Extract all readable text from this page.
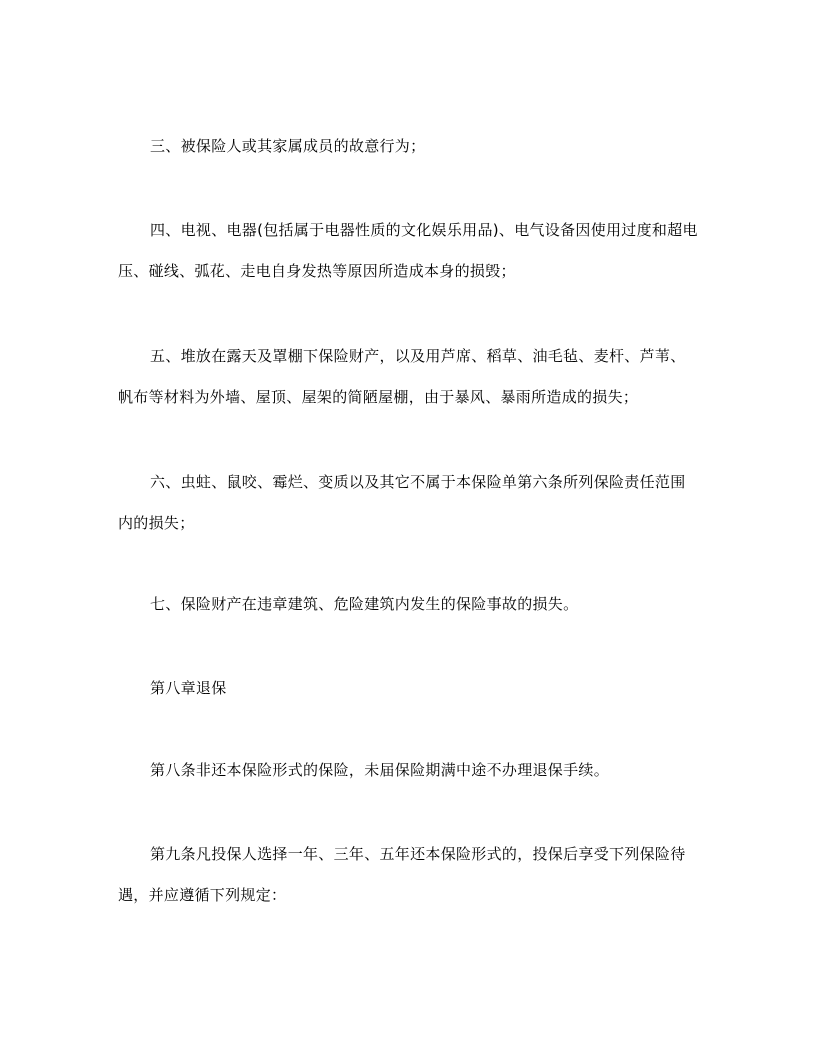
三、被保险人或其家属成员的故意行为；

四、电视、电器(包括属于电器性质的文化娱乐用品)、电气设备因使用过度和超电压、碰线、弧花、走电自身发热等原因所造成本身的损毁；

五、堆放在露天及罩棚下保险财产，以及用芦席、稻草、油毛毡、麦杆、芦苇、帆布等材料为外墙、屋顶、屋架的简陋屋棚，由于暴风、暴雨所造成的损失；

六、虫蛀、鼠咬、霉烂、变质以及其它不属于本保险单第六条所列保险责任范围内的损失；

七、保险财产在违章建筑、危险建筑内发生的保险事故的损失。

第八章退保

第八条非还本保险形式的保险，未届保险期满中途不办理退保手续。

第九条凡投保人选择一年、三年、五年还本保险形式的，投保后享受下列保险待遇，并应遵循下列规定：
